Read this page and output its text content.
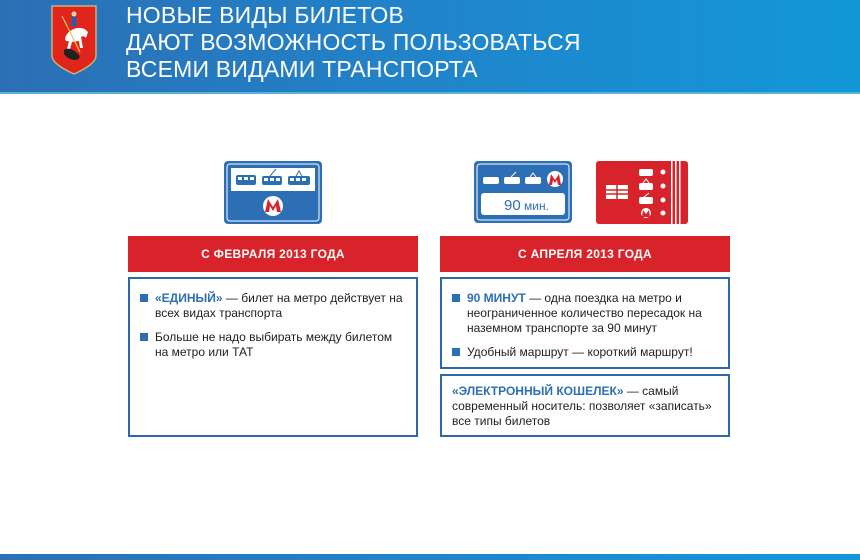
НОВЫЕ ВИДЫ БИЛЕТОВ
ДАЮТ ВОЗМОЖНОСТЬ ПОЛЬЗОВАТЬСЯ
ВСЕМИ ВИДАМИ ТРАНСПОРТА
90 мин.
С ФЕВРАЛЯ 2013 ГОДА
«ЕДИНЫЙ» — билет на метро действует на всех видах транспорта
Больше не надо выбирать между билетом на метро или ТАТ
С АПРЕЛЯ 2013 ГОДА
90 МИНУТ — одна поездка на метро и неограниченное количество пересадок на наземном транспорте за 90 минут
Удобный маршрут — короткий маршрут!
«ЭЛЕКТРОННЫЙ КОШЕЛЕК» — самый современный носитель: позволяет «записать» все типы билетов
